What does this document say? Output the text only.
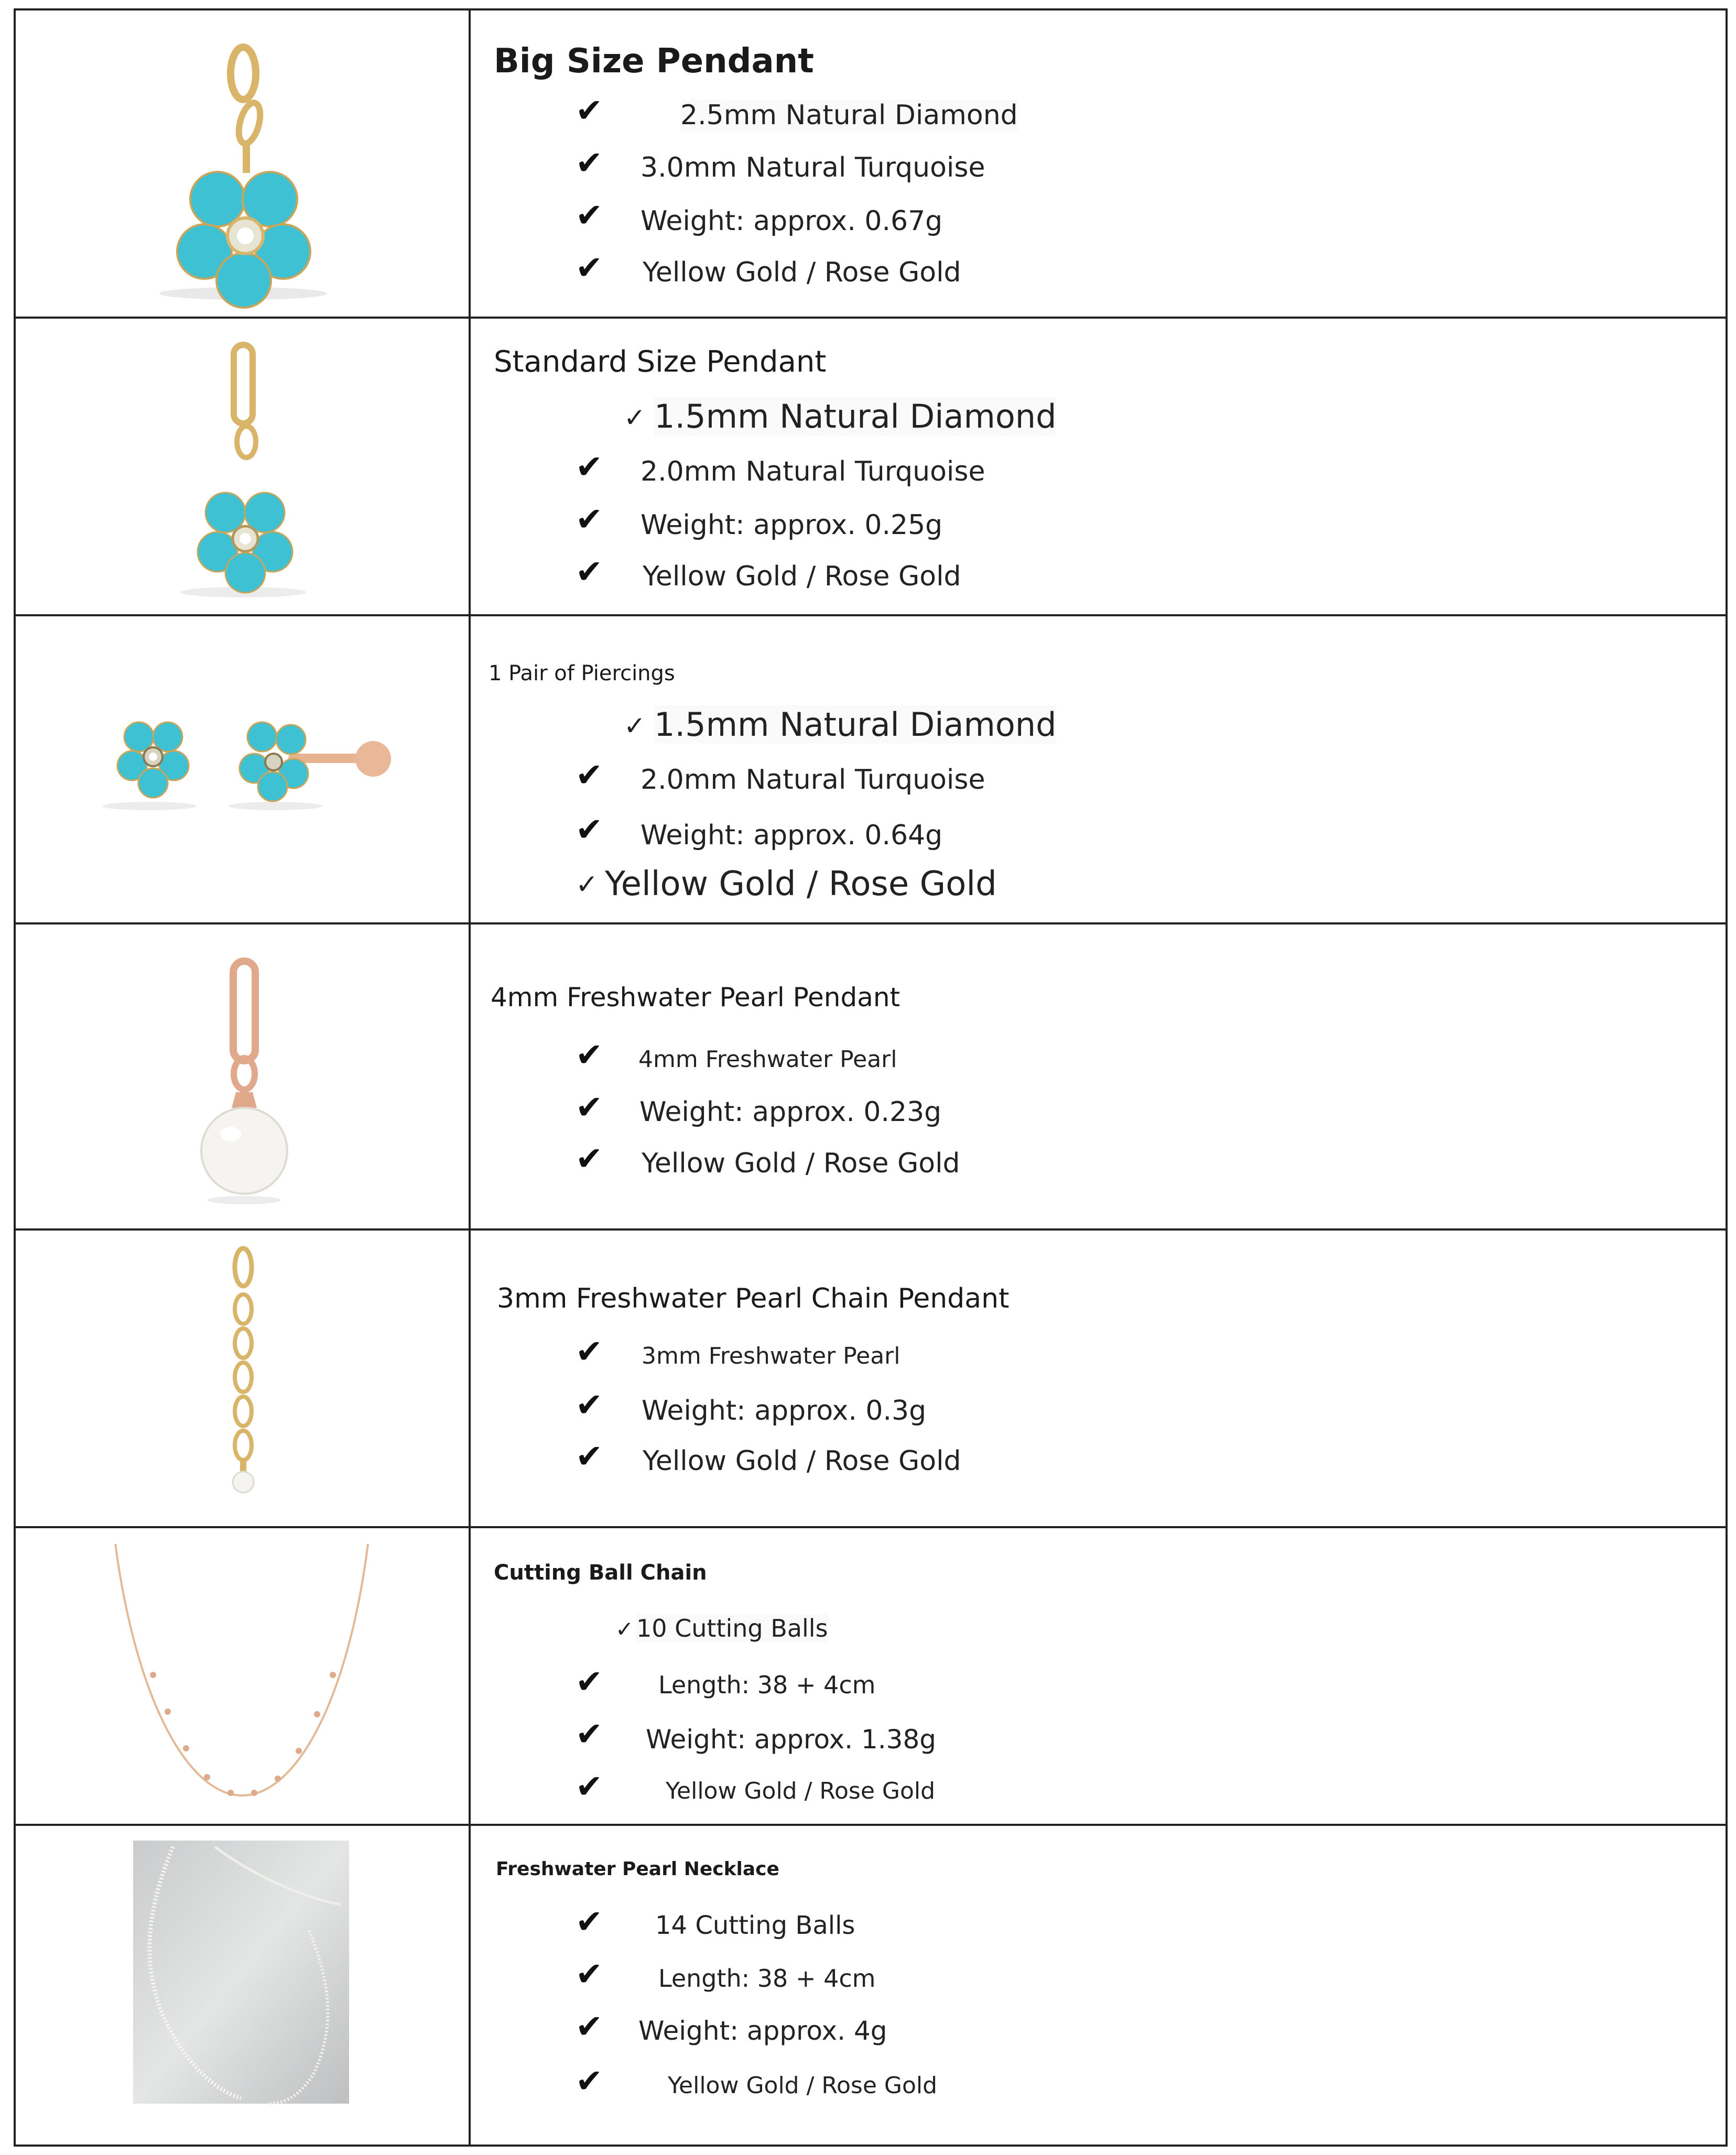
Big Size Pendant
✔	2.5mm Natural Diamond
✔ 3.0mm Natural Turquoise
✔ Weight: approx. 0.67g
✔ Yellow Gold / Rose Gold
Standard Size Pendant
✓ 1.5mm Natural Diamond
✔ 2.0mm Natural Turquoise
✔ Weight: approx. 0.25g
✔ Yellow Gold / Rose Gold
1 Pair of Piercings
✓ 1.5mm Natural Diamond
✔ 2.0mm Natural Turquoise
✔ Weight: approx. 0.64g
✓ Yellow Gold / Rose Gold
4mm Freshwater Pearl Pendant
✔ 4mm Freshwater Pearl
✔ Weight: approx. 0.23g
✔ Yellow Gold / Rose Gold
3mm Freshwater Pearl Chain Pendant
✔ 3mm Freshwater Pearl
✔ Weight: approx. 0.3g
✔ Yellow Gold / Rose Gold
Cutting Ball Chain
✓ 10 Cutting Balls
✔ Length: 38 + 4cm
✔ Weight: approx. 1.38g
✔	Yellow Gold / Rose Gold
Freshwater Pearl Necklace
✔ 14 Cutting Balls
✔ Length: 38 + 4cm
✔ Weight: approx. 4g
✔	Yellow Gold / Rose Gold
